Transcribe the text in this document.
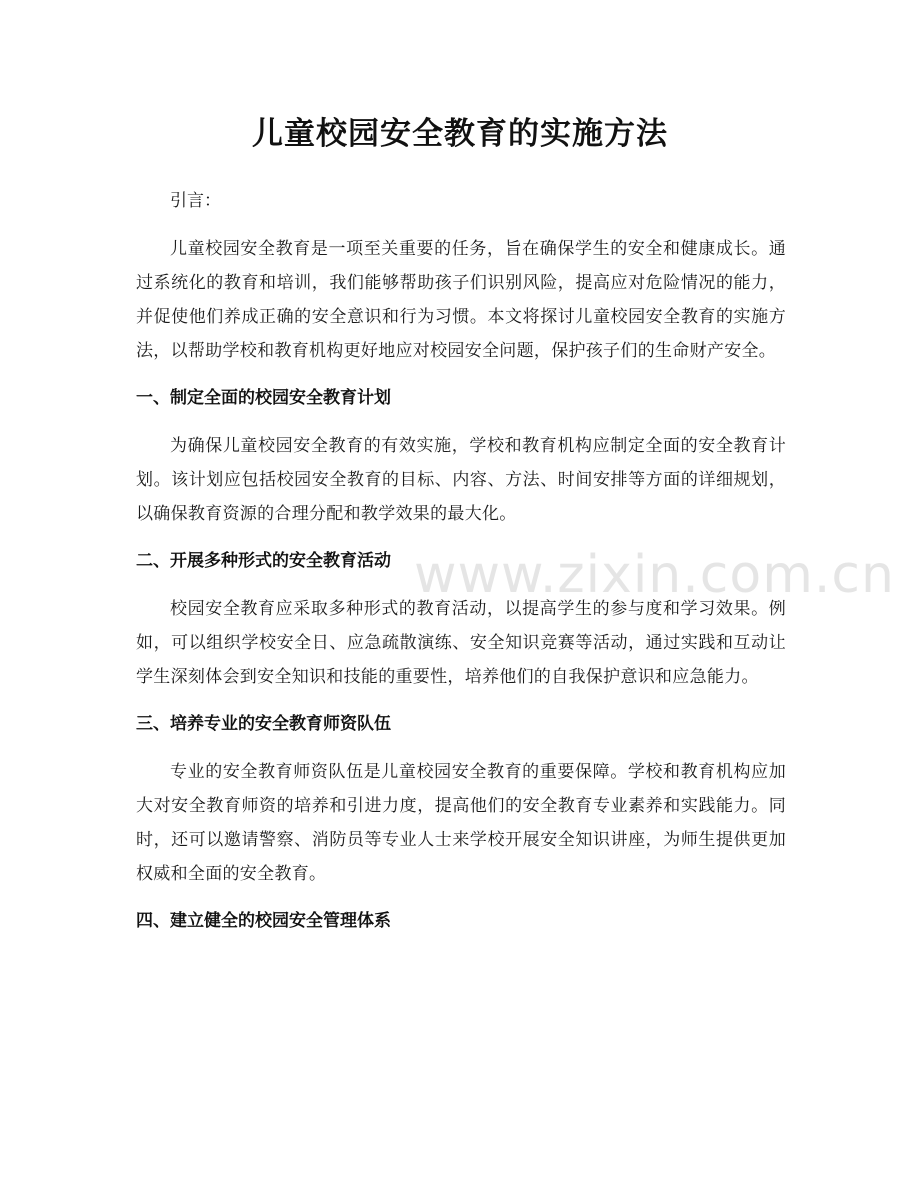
儿童校园安全教育的实施方法

引言：

儿童校园安全教育是一项至关重要的任务，旨在确保学生的安全和健康成长。通过系统化的教育和培训，我们能够帮助孩子们识别风险，提高应对危险情况的能力，并促使他们养成正确的安全意识和行为习惯。本文将探讨儿童校园安全教育的实施方法，以帮助学校和教育机构更好地应对校园安全问题，保护孩子们的生命财产安全。

一、制定全面的校园安全教育计划

为确保儿童校园安全教育的有效实施，学校和教育机构应制定全面的安全教育计划。该计划应包括校园安全教育的目标、内容、方法、时间安排等方面的详细规划，以确保教育资源的合理分配和教学效果的最大化。

二、开展多种形式的安全教育活动

校园安全教育应采取多种形式的教育活动，以提高学生的参与度和学习效果。例如，可以组织学校安全日、应急疏散演练、安全知识竞赛等活动，通过实践和互动让学生深刻体会到安全知识和技能的重要性，培养他们的自我保护意识和应急能力。

三、培养专业的安全教育师资队伍

专业的安全教育师资队伍是儿童校园安全教育的重要保障。学校和教育机构应加大对安全教育师资的培养和引进力度，提高他们的安全教育专业素养和实践能力。同时，还可以邀请警察、消防员等专业人士来学校开展安全知识讲座，为师生提供更加权威和全面的安全教育。

四、建立健全的校园安全管理体系

www.zixin.com.cn
